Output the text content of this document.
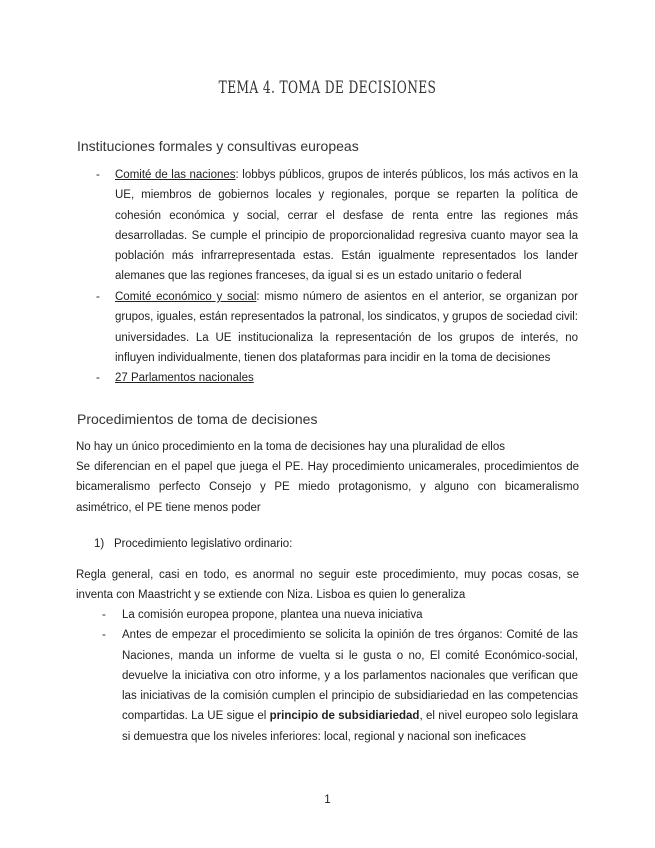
TEMA 4. TOMA DE DECISIONES
Instituciones formales y consultivas europeas
- Comité de las naciones: lobbys públicos, grupos de interés públicos, los más activos en la UE, miembros de gobiernos locales y regionales, porque se reparten la política de cohesión económica y social, cerrar el desfase de renta entre las regiones más desarrolladas. Se cumple el principio de proporcionalidad regresiva cuanto mayor sea la población más infrarrepresentada estas. Están igualmente representados los lander alemanes que las regiones franceses, da igual si es un estado unitario o federal
- Comité económico y social: mismo número de asientos en el anterior, se organizan por grupos, iguales, están representados la patronal, los sindicatos, y grupos de sociedad civil: universidades. La UE institucionaliza la representación de los grupos de interés, no influyen individualmente, tienen dos plataformas para incidir en la toma de decisiones
- 27 Parlamentos nacionales
Procedimientos de toma de decisiones
No hay un único procedimiento en la toma de decisiones hay una pluralidad de ellos
Se diferencian en el papel que juega el PE. Hay procedimiento unicamerales, procedimientos de bicameralismo perfecto Consejo y PE miedo protagonismo, y alguno con bicameralismo asimétrico, el PE tiene menos poder
1) Procedimiento legislativo ordinario:
Regla general, casi en todo, es anormal no seguir este procedimiento, muy pocas cosas, se inventa con Maastricht y se extiende con Niza. Lisboa es quien lo generaliza
- La comisión europea propone, plantea una nueva iniciativa
- Antes de empezar el procedimiento se solicita la opinión de tres órganos: Comité de las Naciones, manda un informe de vuelta si le gusta o no, El comité Económico-social, devuelve la iniciativa con otro informe, y a los parlamentos nacionales que verifican que las iniciativas de la comisión cumplen el principio de subsidiariedad en las competencias compartidas. La UE sigue el principio de subsidiariedad, el nivel europeo solo legislara si demuestra que los niveles inferiores: local, regional y nacional son ineficaces
1
